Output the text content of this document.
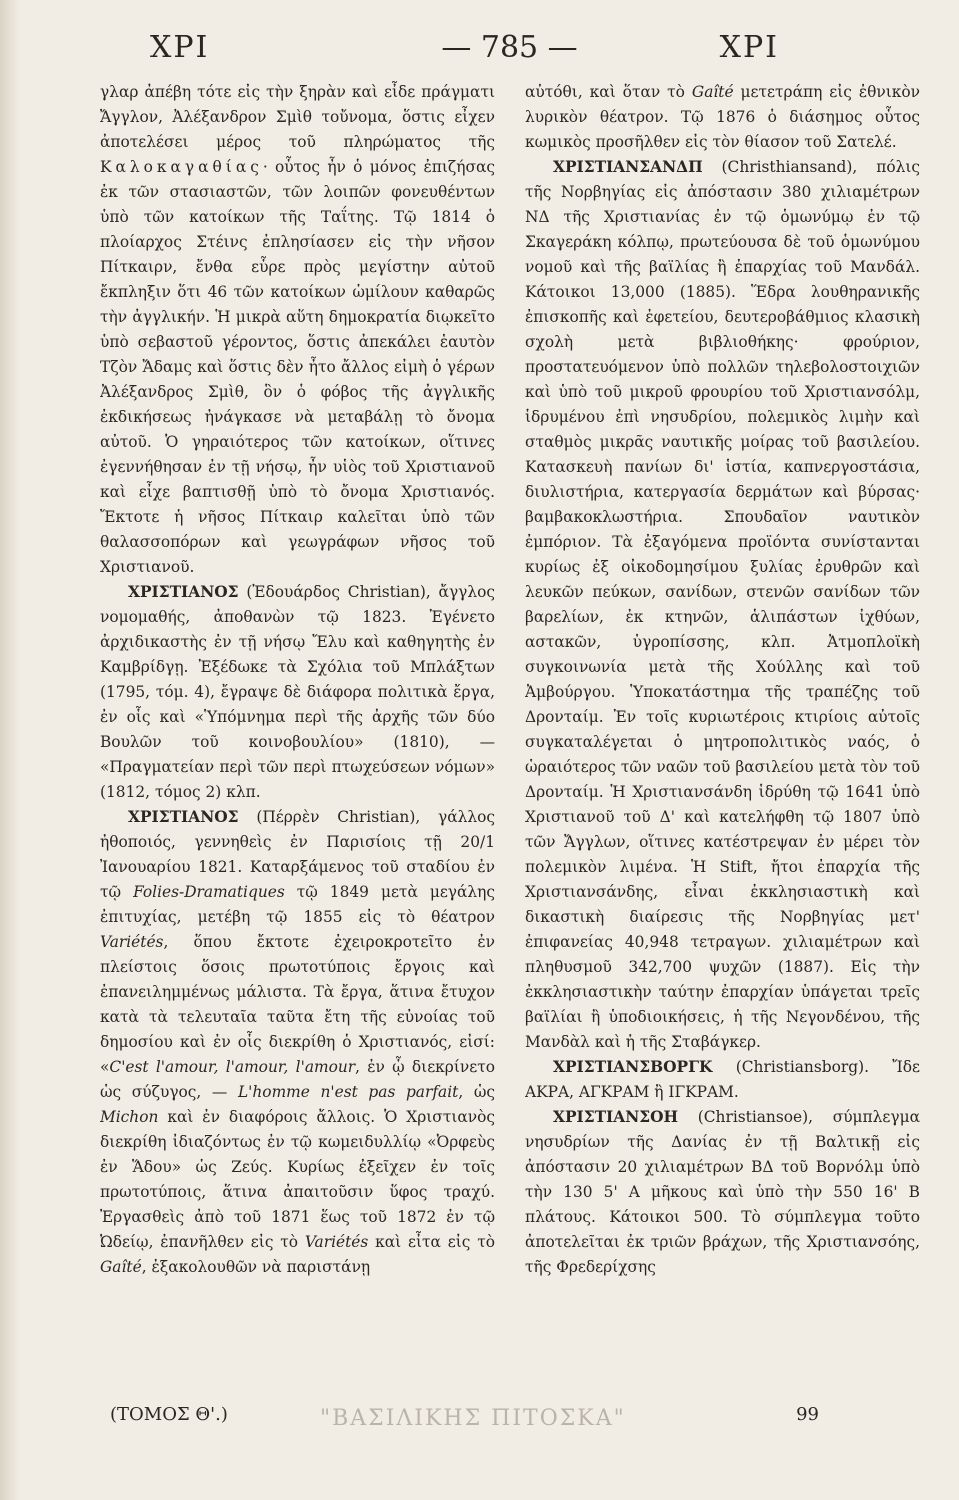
ΧΡΙ	— 785 —	ΧΡΙ

γλαρ ἀπέβη τότε εἰς τὴν ξηρὰν καὶ εἶδε πράγματι Ἄγγλον, Ἀλέξανδρον Σμὶθ τοὔνομα, ὅστις εἶχεν ἀποτελέσει μέρος τοῦ πληρώματος τῆς Καλοκαγαθίας· οὗτος ἦν ὁ μόνος ἐπιζήσας ἐκ τῶν στασιαστῶν, τῶν λοιπῶν φονευθέντων ὑπὸ τῶν κατοίκων τῆς Ταΐτης. Τῷ 1814 ὁ πλοίαρχος Στέινς ἐπλησίασεν εἰς τὴν νῆσον Πίτκαιρν, ἔνθα εὗρε πρὸς μεγίστην αὐτοῦ ἔκπληξιν ὅτι 46 τῶν κατοίκων ὡμίλουν καθαρῶς τὴν ἀγγλικήν. Ἡ μικρὰ αὕτη δημοκρατία διῳκεῖτο ὑπὸ σεβαστοῦ γέροντος, ὅστις ἀπεκάλει ἑαυτὸν Τζὸν Ἄδαμς καὶ ὅστις δὲν ἦτο ἄλλος εἰμὴ ὁ γέρων Ἀλέξανδρος Σμὶθ, ὃν ὁ φόβος τῆς ἀγγλικῆς ἐκδικήσεως ἠνάγκασε νὰ μεταβάλῃ τὸ ὄνομα αὐτοῦ. Ὁ γηραιότερος τῶν κατοίκων, οἵτινες ἐγεννήθησαν ἐν τῇ νήσῳ, ἦν υἱὸς τοῦ Χριστιανοῦ καὶ εἶχε βαπτισθῇ ὑπὸ τὸ ὄνομα Χριστιανός. Ἔκτοτε ἡ νῆσος Πίτκαιρ καλεῖται ὑπὸ τῶν θαλασσοπόρων καὶ γεωγράφων νῆσος τοῦ Χριστιανοῦ.

ΧΡΙΣΤΙΑΝΟΣ (Ἐδουάρδος Christian), ἄγγλος νομομαθής, ἀποθανὼν τῷ 1823. Ἐγένετο ἀρχιδικαστὴς ἐν τῇ νήσῳ Ἔλυ καὶ καθηγητὴς ἐν Καμβρίδγῃ. Ἐξέδωκε τὰ Σχόλια τοῦ Μπλάξτων (1795, τόμ. 4), ἔγραψε δὲ διάφορα πολιτικὰ ἔργα, ἐν οἷς καὶ «Ὑπόμνημα περὶ τῆς ἀρχῆς τῶν δύο Βουλῶν τοῦ κοινοβουλίου» (1810), — «Πραγματείαν περὶ τῶν περὶ πτωχεύσεων νόμων» (1812, τόμος 2) κλπ.

ΧΡΙΣΤΙΑΝΟΣ (Πέρρὲν Christian), γάλλος ἠθοποιός, γεννηθεὶς ἐν Παρισίοις τῇ 20/1 Ἰανουαρίου 1821. Καταρξάμενος τοῦ σταδίου ἐν τῷ Folies-Dramatiques τῷ 1849 μετὰ μεγάλης ἐπιτυχίας, μετέβη τῷ 1855 εἰς τὸ θέατρον Variétés, ὅπου ἔκτοτε ἐχειροκροτεῖτο ἐν πλείστοις ὅσοις πρωτοτύποις ἔργοις καὶ ἐπανειλημμένως μάλιστα. Τὰ ἔργα, ἅτινα ἔτυχον κατὰ τὰ τελευταῖα ταῦτα ἔτη τῆς εὐνοίας τοῦ δημοσίου καὶ ἐν οἷς διεκρίθη ὁ Χριστιανός, εἰσί: «C'est l'amour, l'amour, l'amour, ἐν ᾧ διεκρίνετο ὡς σύζυγος, — L'homme n'est pas parfait, ὡς Michon καὶ ἐν διαφόροις ἄλλοις. Ὁ Χριστιανὸς διεκρίθη ἰδιαζόντως ἐν τῷ κωμειδυλλίῳ «Ὀρφεὺς ἐν Ἅδου» ὡς Ζεύς. Κυρίως ἐξεῖχεν ἐν τοῖς πρωτοτύποις, ἅτινα ἀπαιτοῦσιν ὕφος τραχύ. Ἐργασθεὶς ἀπὸ τοῦ 1871 ἕως τοῦ 1872 ἐν τῷ Ὠδείῳ, ἐπανῆλθεν εἰς τὸ Variétés καὶ εἶτα εἰς τὸ Gaîté, ἐξακολουθῶν νὰ παριστάνῃ

αὐτόθι, καὶ ὅταν τὸ Gaîté μετετράπη εἰς ἐθνικὸν λυρικὸν θέατρον. Τῷ 1876 ὁ διάσημος οὗτος κωμικὸς προσῆλθεν εἰς τὸν θίασον τοῦ Σατελέ.

ΧΡΙΣΤΙΑΝΣΑΝΔΠ (Christhiansand), πόλις τῆς Νορβηγίας εἰς ἀπόστασιν 380 χιλιαμέτρων ΝΔ τῆς Χριστιανίας ἐν τῷ ὁμωνύμῳ ἐν τῷ Σκαγεράκη κόλπῳ, πρωτεύουσα δὲ τοῦ ὁμωνύμου νομοῦ καὶ τῆς βαϊλίας ἢ ἐπαρχίας τοῦ Μανδάλ. Κάτοικοι 13,000 (1885). Ἕδρα λουθηρανικῆς ἐπισκοπῆς καὶ ἐφετείου, δευτεροβάθμιος κλασικὴ σχολὴ μετὰ βιβλιοθήκης· φρούριον, προστατευόμενον ὑπὸ πολλῶν τηλεβολοστοιχιῶν καὶ ὑπὸ τοῦ μικροῦ φρουρίου τοῦ Χριστιανσόλμ, ἱδρυμένου ἐπὶ νησυδρίου, πολεμικὸς λιμὴν καὶ σταθμὸς μικρᾶς ναυτικῆς μοίρας τοῦ βασιλείου. Κατασκευὴ πανίων δι' ἱστία, καπνεργοστάσια, διυλιστήρια, κατεργασία δερμάτων καὶ βύρσας· βαμβακοκλωστήρια. Σπουδαῖον ναυτικὸν ἐμπόριον. Τὰ ἐξαγόμενα προϊόντα συνίστανται κυρίως ἐξ οἰκοδομησίμου ξυλίας ἐρυθρῶν καὶ λευκῶν πεύκων, σανίδων, στενῶν σανίδων τῶν βαρελίων, ἐκ κτηνῶν, ἁλιπάστων ἰχθύων, αστακῶν, ὑγροπίσσης, κλπ. Ἀτμοπλοϊκὴ συγκοινωνία μετὰ τῆς Χούλλης καὶ τοῦ Ἀμβούργου. Ὑποκατάστημα τῆς τραπέζης τοῦ Δρονταίμ. Ἐν τοῖς κυριωτέροις κτιρίοις αὐτοῖς συγκαταλέγεται ὁ μητροπολιτικὸς ναός, ὁ ὡραιότερος τῶν ναῶν τοῦ βασιλείου μετὰ τὸν τοῦ Δρονταίμ. Ἡ Χριστιανσάνδη ἱδρύθη τῷ 1641 ὑπὸ Χριστιανοῦ τοῦ Δ' καὶ κατελήφθη τῷ 1807 ὑπὸ τῶν Ἄγγλων, οἵτινες κατέστρεψαν ἐν μέρει τὸν πολεμικὸν λιμένα. Ἡ Stift, ἤτοι ἐπαρχία τῆς Χριστιανσάνδης, εἶναι ἐκκλησιαστικὴ καὶ δικαστικὴ διαίρεσις τῆς Νορβηγίας μετ' ἐπιφανείας 40,948 τετραγων. χιλιαμέτρων καὶ πληθυσμοῦ 342,700 ψυχῶν (1887). Εἰς τὴν ἐκκλησιαστικὴν ταύτην ἐπαρχίαν ὑπάγεται τρεῖς βαϊλίαι ἢ ὑποδιοικήσεις, ἡ τῆς Νεγονδένου, τῆς Μανδὰλ καὶ ἡ τῆς Σταβάγκερ.

ΧΡΙΣΤΙΑΝΣΒΟΡΓΚ (Christiansborg). Ἴδε ΑΚΡΑ, ΑΓΚΡΑΜ ἢ ΙΓΚΡΑΜ.

ΧΡΙΣΤΙΑΝΣΟΗ (Christiansoe), σύμπλεγμα νησυδρίων τῆς Δανίας ἐν τῇ Βαλτικῇ εἰς ἀπόστασιν 20 χιλιαμέτρων ΒΔ τοῦ Βορνόλμ ὑπὸ τὴν 130 5' Α μῆκους καὶ ὑπὸ τὴν 550 16' Β πλάτους. Κάτοικοι 500. Τὸ σύμπλεγμα τοῦτο ἀποτελεῖται ἐκ τριῶν βράχων, τῆς Χριστιανσόης, τῆς Φρεδερίχσης

(ΤΟΜΟΣ Θ'.)	"ΒΑΣΙΛΙΚΗΣ ΠΙΤΟΣΚΑ"	99
